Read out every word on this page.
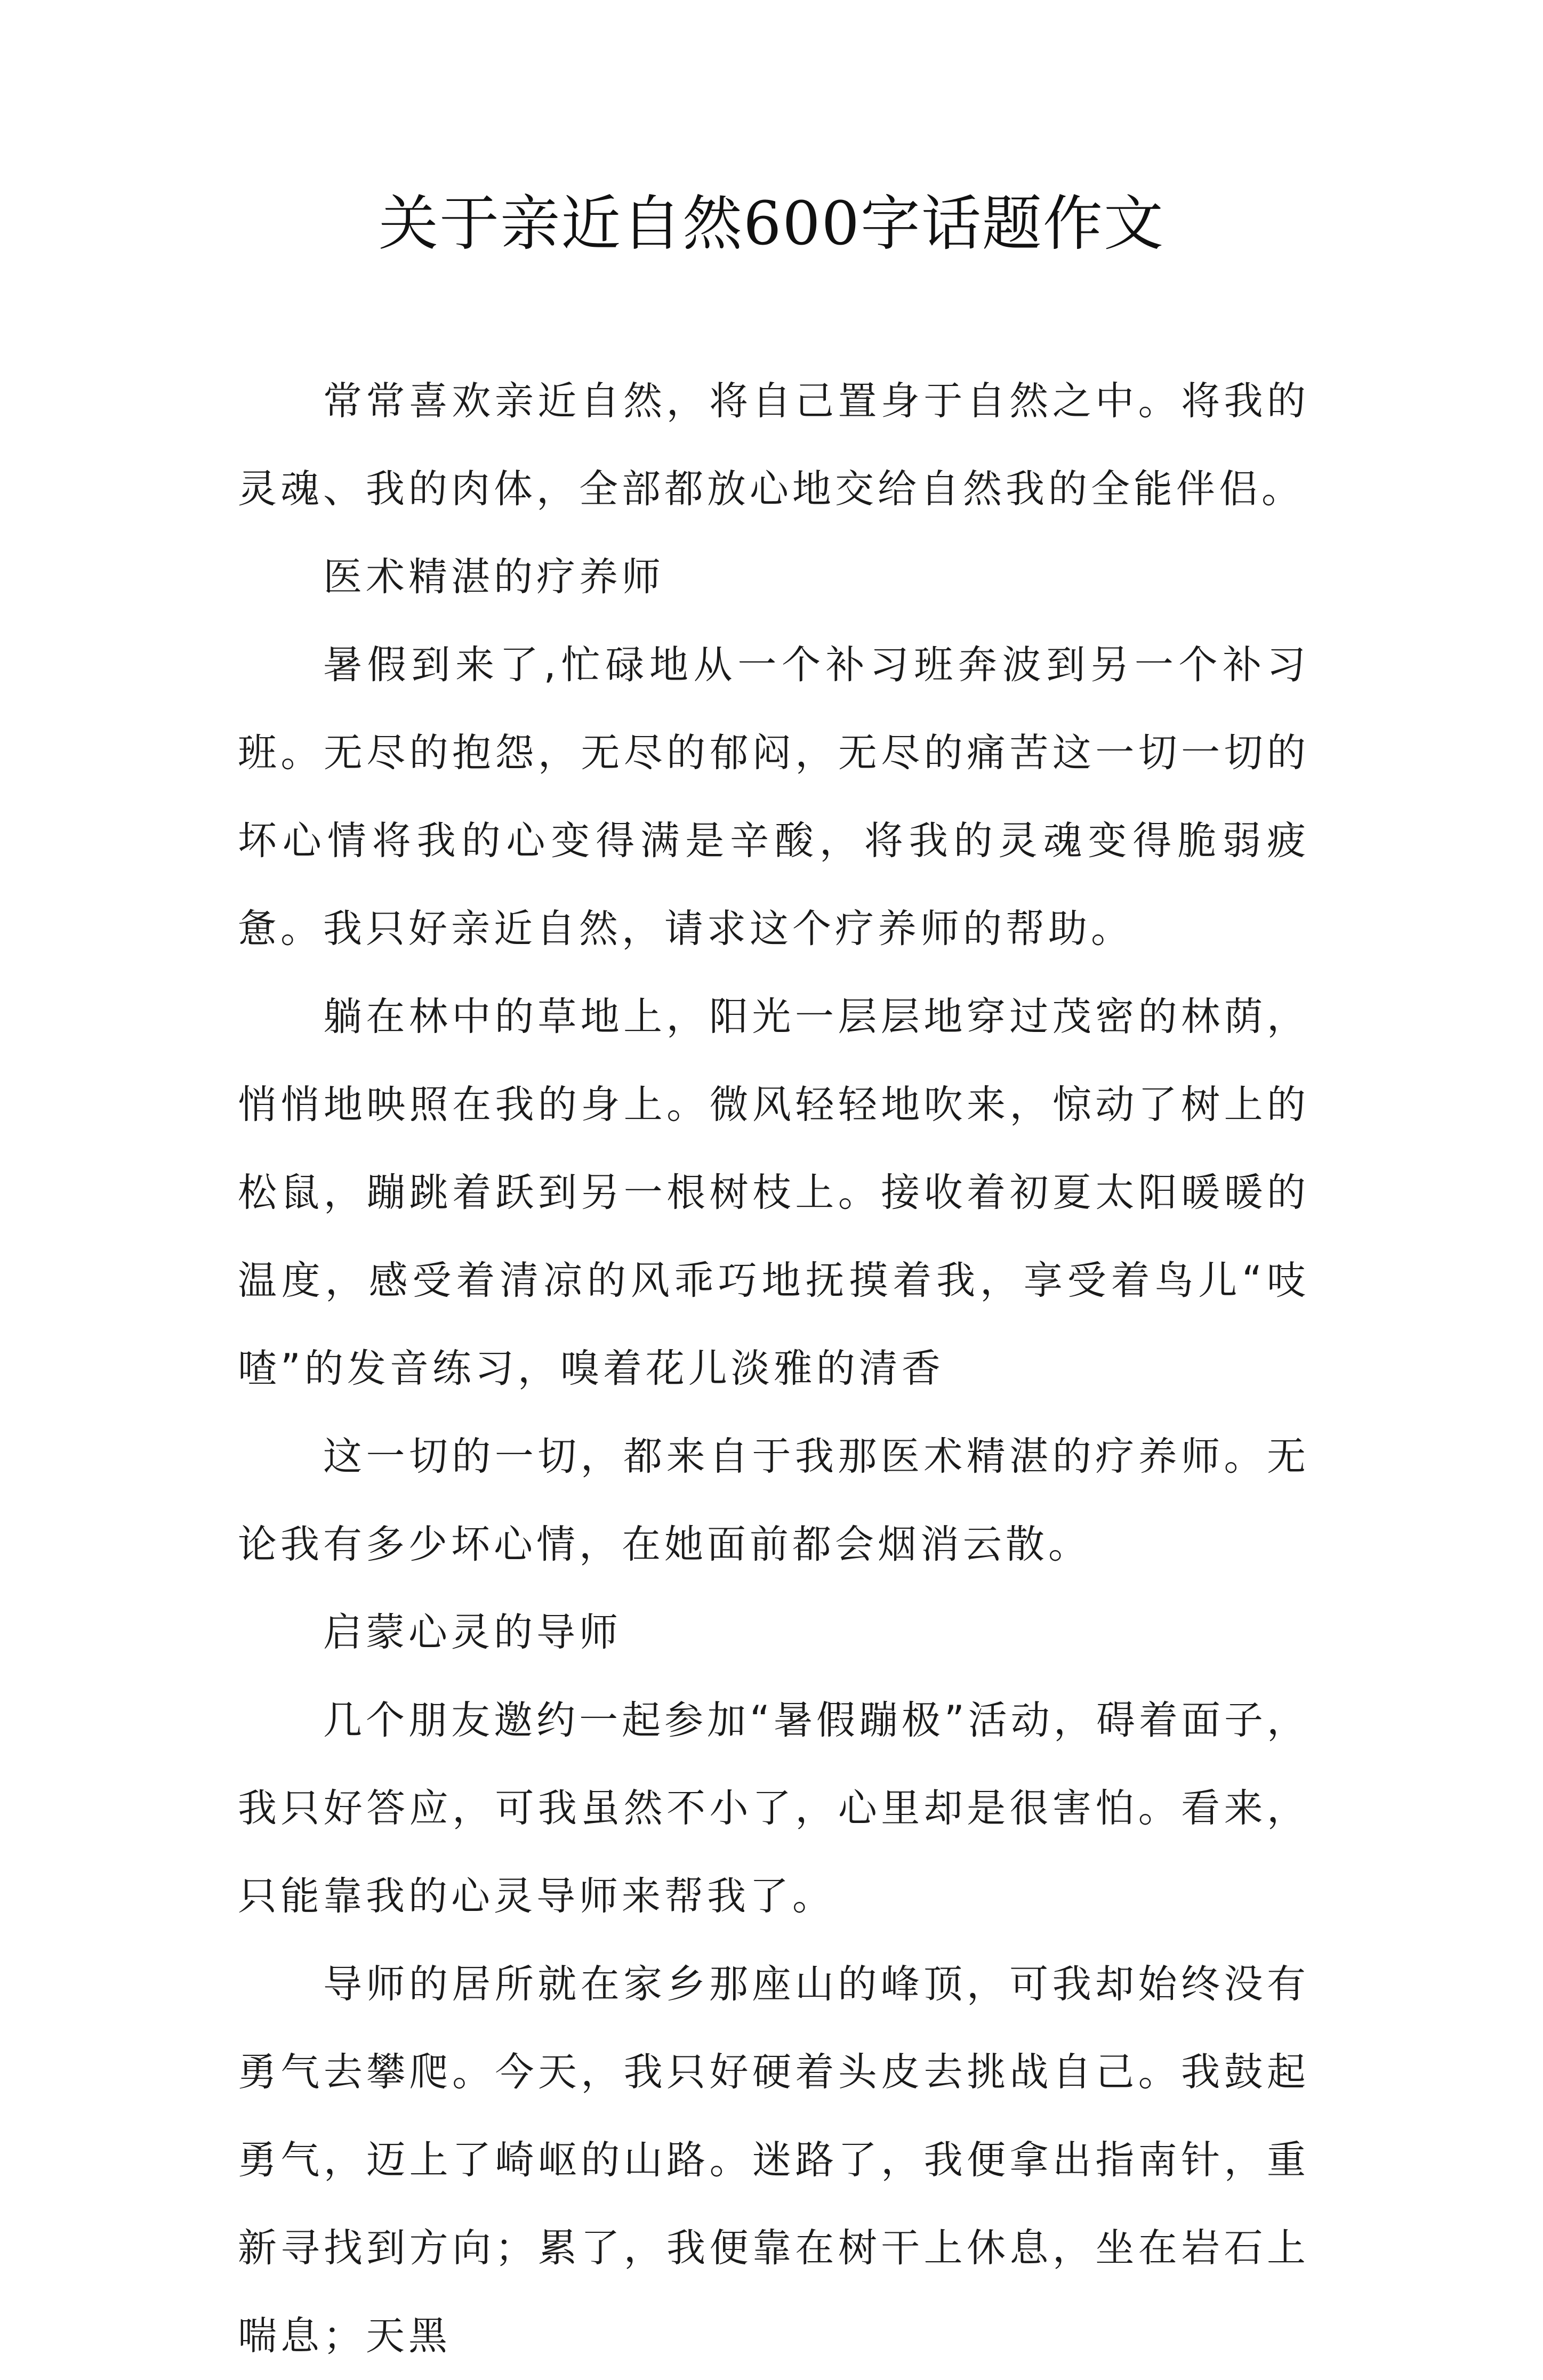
关于亲近自然600字话题作文

常常喜欢亲近自然，将自己置身于自然之中。将我的灵魂、我的肉体，全部都放心地交给自然我的全能伴侣。

医术精湛的疗养师

暑假到来了,忙碌地从一个补习班奔波到另一个补习班。无尽的抱怨，无尽的郁闷，无尽的痛苦这一切一切的坏心情将我的心变得满是辛酸，将我的灵魂变得脆弱疲惫。我只好亲近自然，请求这个疗养师的帮助。

躺在林中的草地上，阳光一层层地穿过茂密的林荫，悄悄地映照在我的身上。微风轻轻地吹来，惊动了树上的松鼠，蹦跳着跃到另一根树枝上。接收着初夏太阳暖暖的温度，感受着清凉的风乖巧地抚摸着我，享受着鸟儿“吱喳”的发音练习，嗅着花儿淡雅的清香

这一切的一切，都来自于我那医术精湛的疗养师。无论我有多少坏心情，在她面前都会烟消云散。

启蒙心灵的导师

几个朋友邀约一起参加“暑假蹦极”活动，碍着面子，我只好答应，可我虽然不小了，心里却是很害怕。看来，只能靠我的心灵导师来帮我了。

导师的居所就在家乡那座山的峰顶，可我却始终没有勇气去攀爬。今天，我只好硬着头皮去挑战自己。我鼓起勇气，迈上了崎岖的山路。迷路了，我便拿出指南针，重新寻找到方向；累了，我便靠在树干上休息，坐在岩石上喘息；天黑
